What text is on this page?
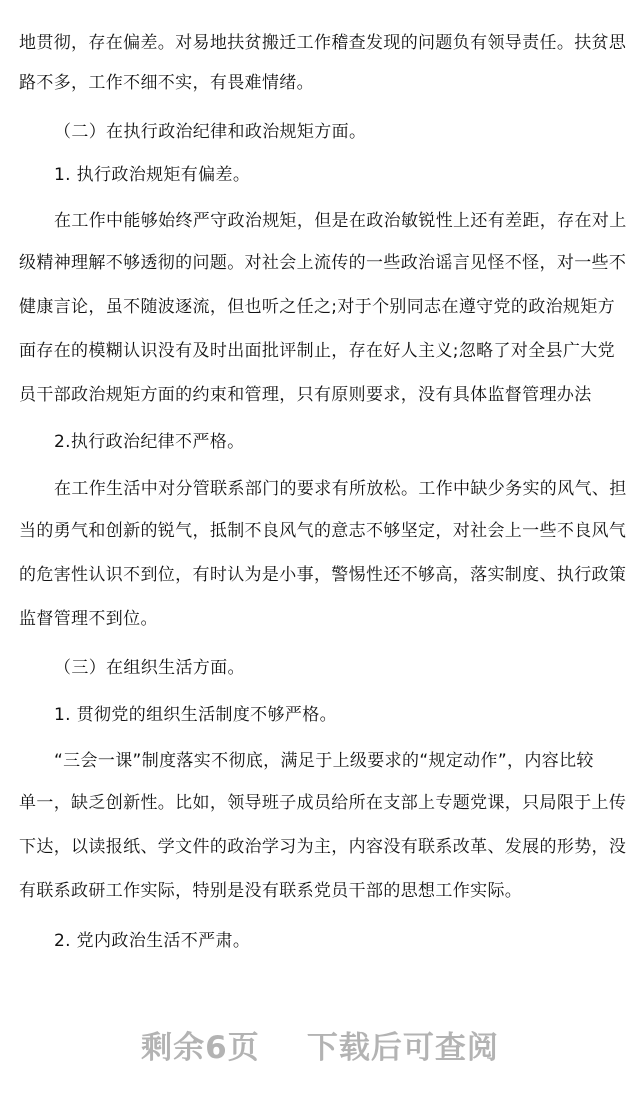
地贯彻，存在偏差。对易地扶贫搬迁工作稽查发现的问题负有领导责任。扶贫思
路不多，工作不细不实，有畏难情绪。
（二）在执行政治纪律和政治规矩方面。
1. 执行政治规矩有偏差。
在工作中能够始终严守政治规矩，但是在政治敏锐性上还有差距，存在对上
级精神理解不够透彻的问题。对社会上流传的一些政治谣言见怪不怪，对一些不
健康言论，虽不随波逐流，但也听之任之;对于个别同志在遵守党的政治规矩方
面存在的模糊认识没有及时出面批评制止，存在好人主义;忽略了对全县广大党
员干部政治规矩方面的约束和管理，只有原则要求，没有具体监督管理办法
2.执行政治纪律不严格。
在工作生活中对分管联系部门的要求有所放松。工作中缺少务实的风气、担
当的勇气和创新的锐气，抵制不良风气的意志不够坚定，对社会上一些不良风气
的危害性认识不到位，有时认为是小事，警惕性还不够高，落实制度、执行政策
监督管理不到位。
（三）在组织生活方面。
1. 贯彻党的组织生活制度不够严格。
“三会一课”制度落实不彻底，满足于上级要求的“规定动作”，内容比较
单一，缺乏创新性。比如，领导班子成员给所在支部上专题党课，只局限于上传
下达，以读报纸、学文件的政治学习为主，内容没有联系改革、发展的形势，没
有联系政研工作实际，特别是没有联系党员干部的思想工作实际。
2. 党内政治生活不严肃。
剩余6页    下载后可查阅
